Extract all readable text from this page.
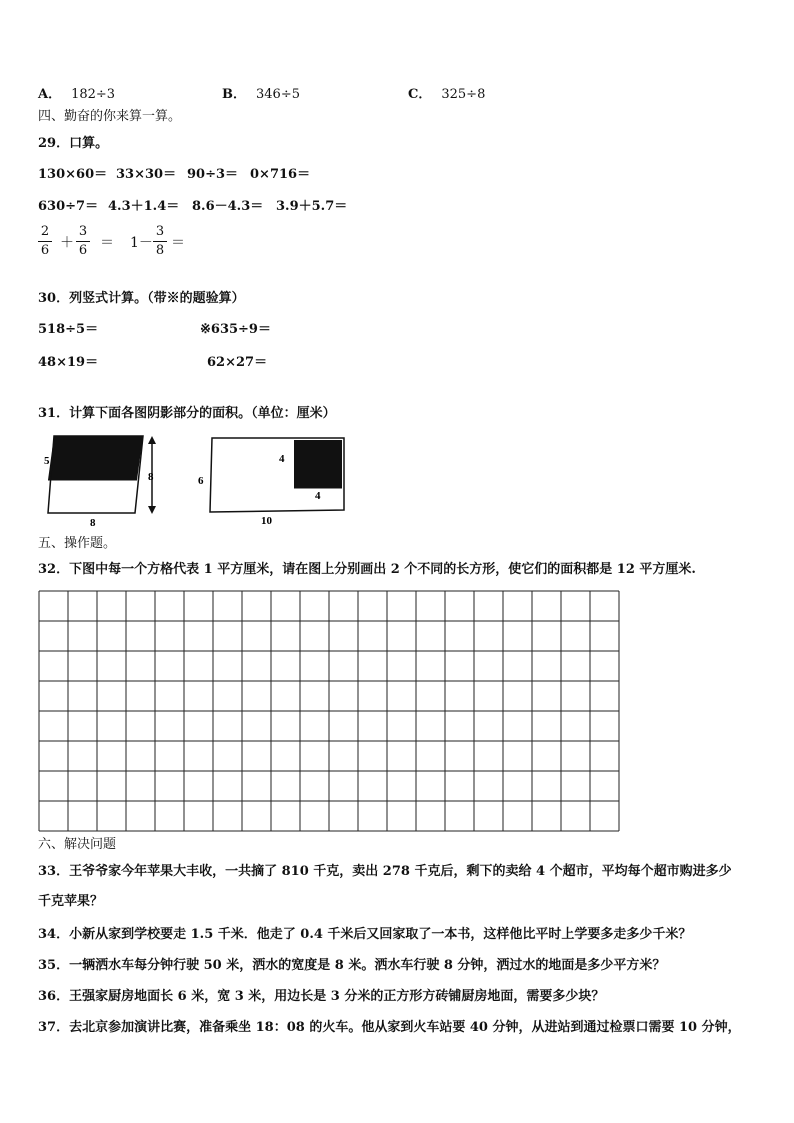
A． 182÷3	B． 346÷5	C． 325÷8
四、勤奋的你来算一算。
29．口算。
130×60＝ 33×30＝ 90÷3＝ 0×716＝
630÷7＝ 4.3＋1.4＝ 8.6－4.3＝ 3.9＋5.7＝
2
6 ＋
3
6 ＝ 1－
3
8 ＝
30．列竖式计算。（带※的题验算）
518÷5＝	※635÷9＝
48×19＝	62×27＝
31．计算下面各图阴影部分的面积。（单位：厘米）
5
8
8
6
4
4
10
五、操作题。
32．下图中每一个方格代表 1 平方厘米，请在图上分别画出 2 个不同的长方形，使它们的面积都是 12 平方厘米.
六、解决问题
33．王爷爷家今年苹果大丰收，一共摘了 810 千克，卖出 278 千克后，剩下的卖给 4 个超市，平均每个超市购进多少
千克苹果？
34．小新从家到学校要走 1.5 千米．他走了 0.4 千米后又回家取了一本书，这样他比平时上学要多走多少千米？
35．一辆洒水车每分钟行驶 50 米，洒水的宽度是 8 米。洒水车行驶 8 分钟，洒过水的地面是多少平方米？
36．王强家厨房地面长 6 米，宽 3 米，用边长是 3 分米的正方形方砖铺厨房地面，需要多少块？
37．去北京参加演讲比赛，准备乘坐 18：08 的火车。他从家到火车站要 40 分钟，从进站到通过检票口需要 10 分钟，
